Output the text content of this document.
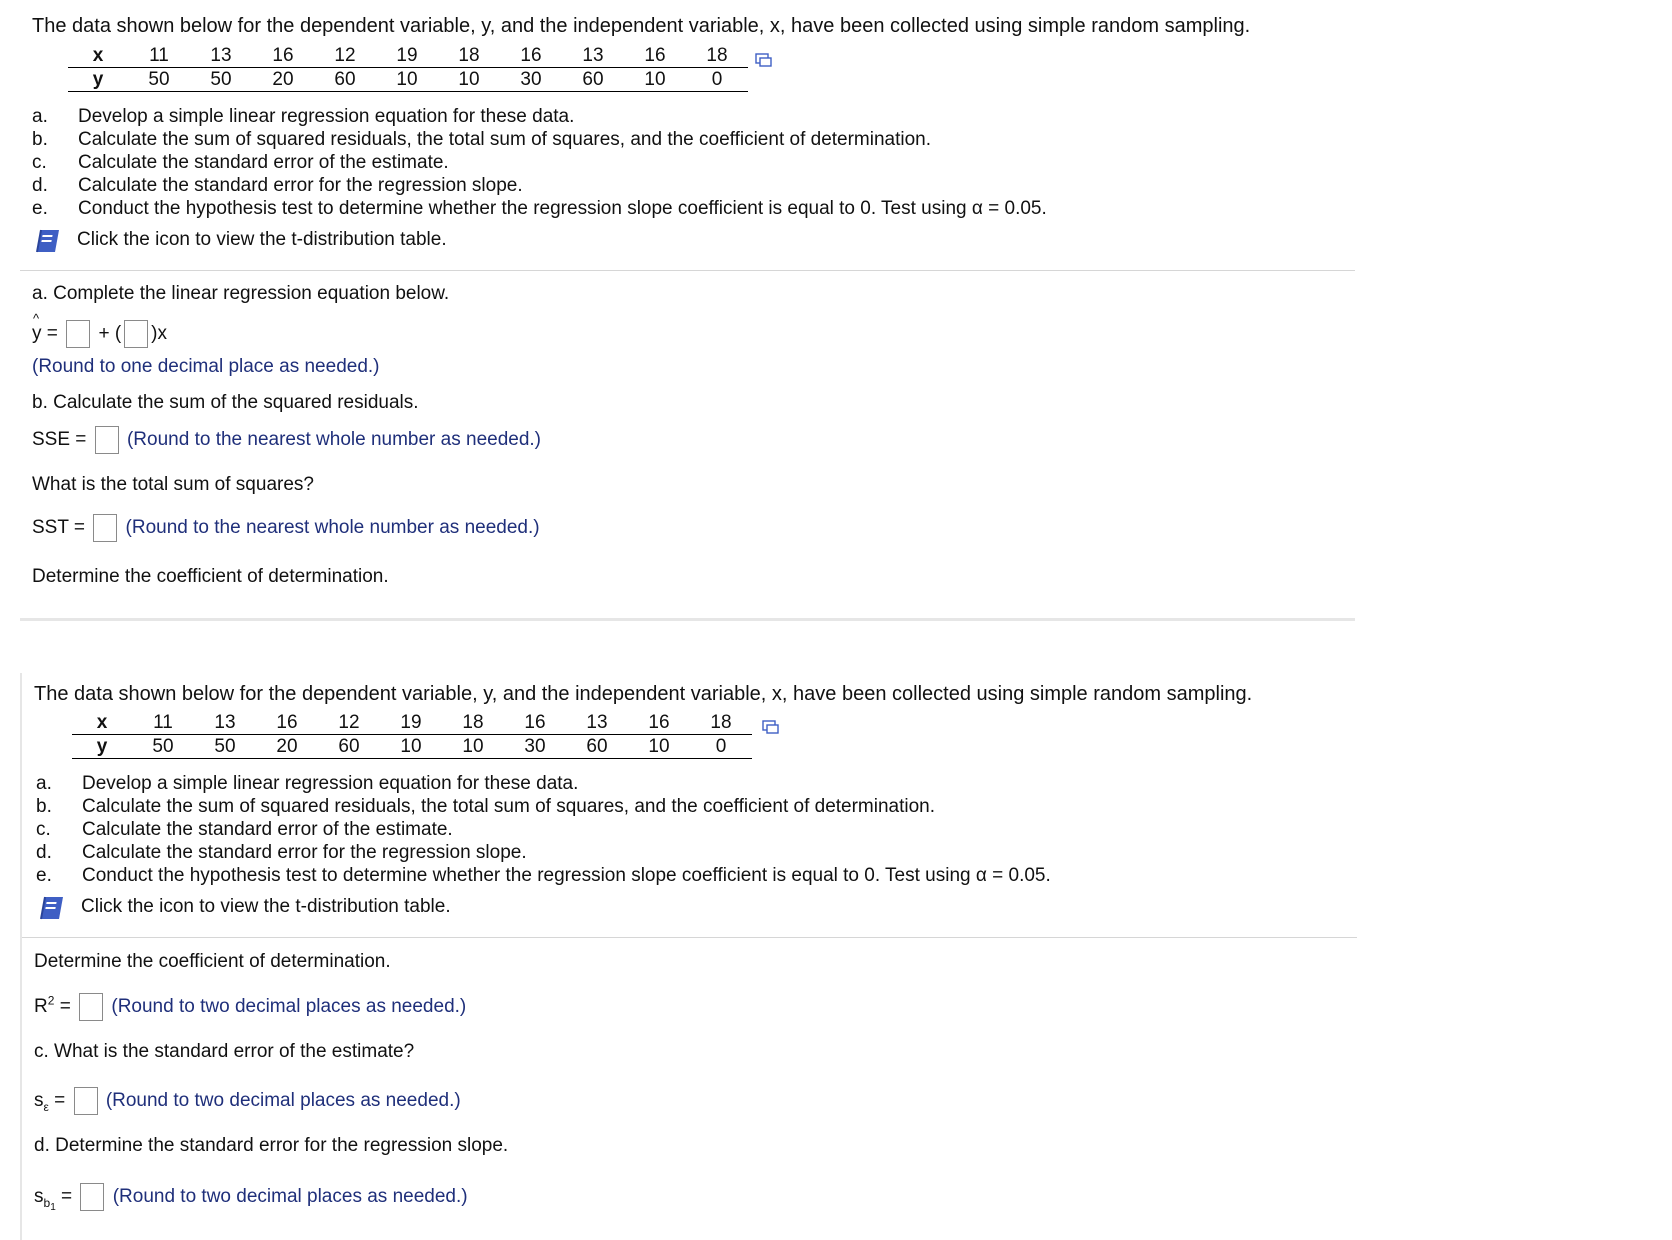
The data shown below for the dependent variable, y, and the independent variable, x, have been collected using simple random sampling.
x	11	13	16	12	19	18	16	13	16	18
y	50	50	20	60	10	10	30	60	10	0
a.	Develop a simple linear regression equation for these data.
b.	Calculate the sum of squared residuals, the total sum of squares, and the coefficient of determination.
c.	Calculate the standard error of the estimate.
d.	Calculate the standard error for the regression slope.
e.	Conduct the hypothesis test to determine whether the regression slope coefficient is equal to 0. Test using α = 0.05.
Click the icon to view the t-distribution table.
a. Complete the linear regression equation below.
^
y = + ( )x
(Round to one decimal place as needed.)
b. Calculate the sum of the squared residuals.
SSE = (Round to the nearest whole number as needed.)
What is the total sum of squares?
SST = (Round to the nearest whole number as needed.)
Determine the coefficient of determination.
The data shown below for the dependent variable, y, and the independent variable, x, have been collected using simple random sampling.
x	11	13	16	12	19	18	16	13	16	18
y	50	50	20	60	10	10	30	60	10	0
a.	Develop a simple linear regression equation for these data.
b.	Calculate the sum of squared residuals, the total sum of squares, and the coefficient of determination.
c.	Calculate the standard error of the estimate.
d.	Calculate the standard error for the regression slope.
e.	Conduct the hypothesis test to determine whether the regression slope coefficient is equal to 0. Test using α = 0.05.
Click the icon to view the t-distribution table.
Determine the coefficient of determination.
$R^2$ = (Round to two decimal places as needed.)
c. What is the standard error of the estimate?
$s_\varepsilon$ = (Round to two decimal places as needed.)
d. Determine the standard error for the regression slope.
$s_{b1}$ = (Round to two decimal places as needed.)
